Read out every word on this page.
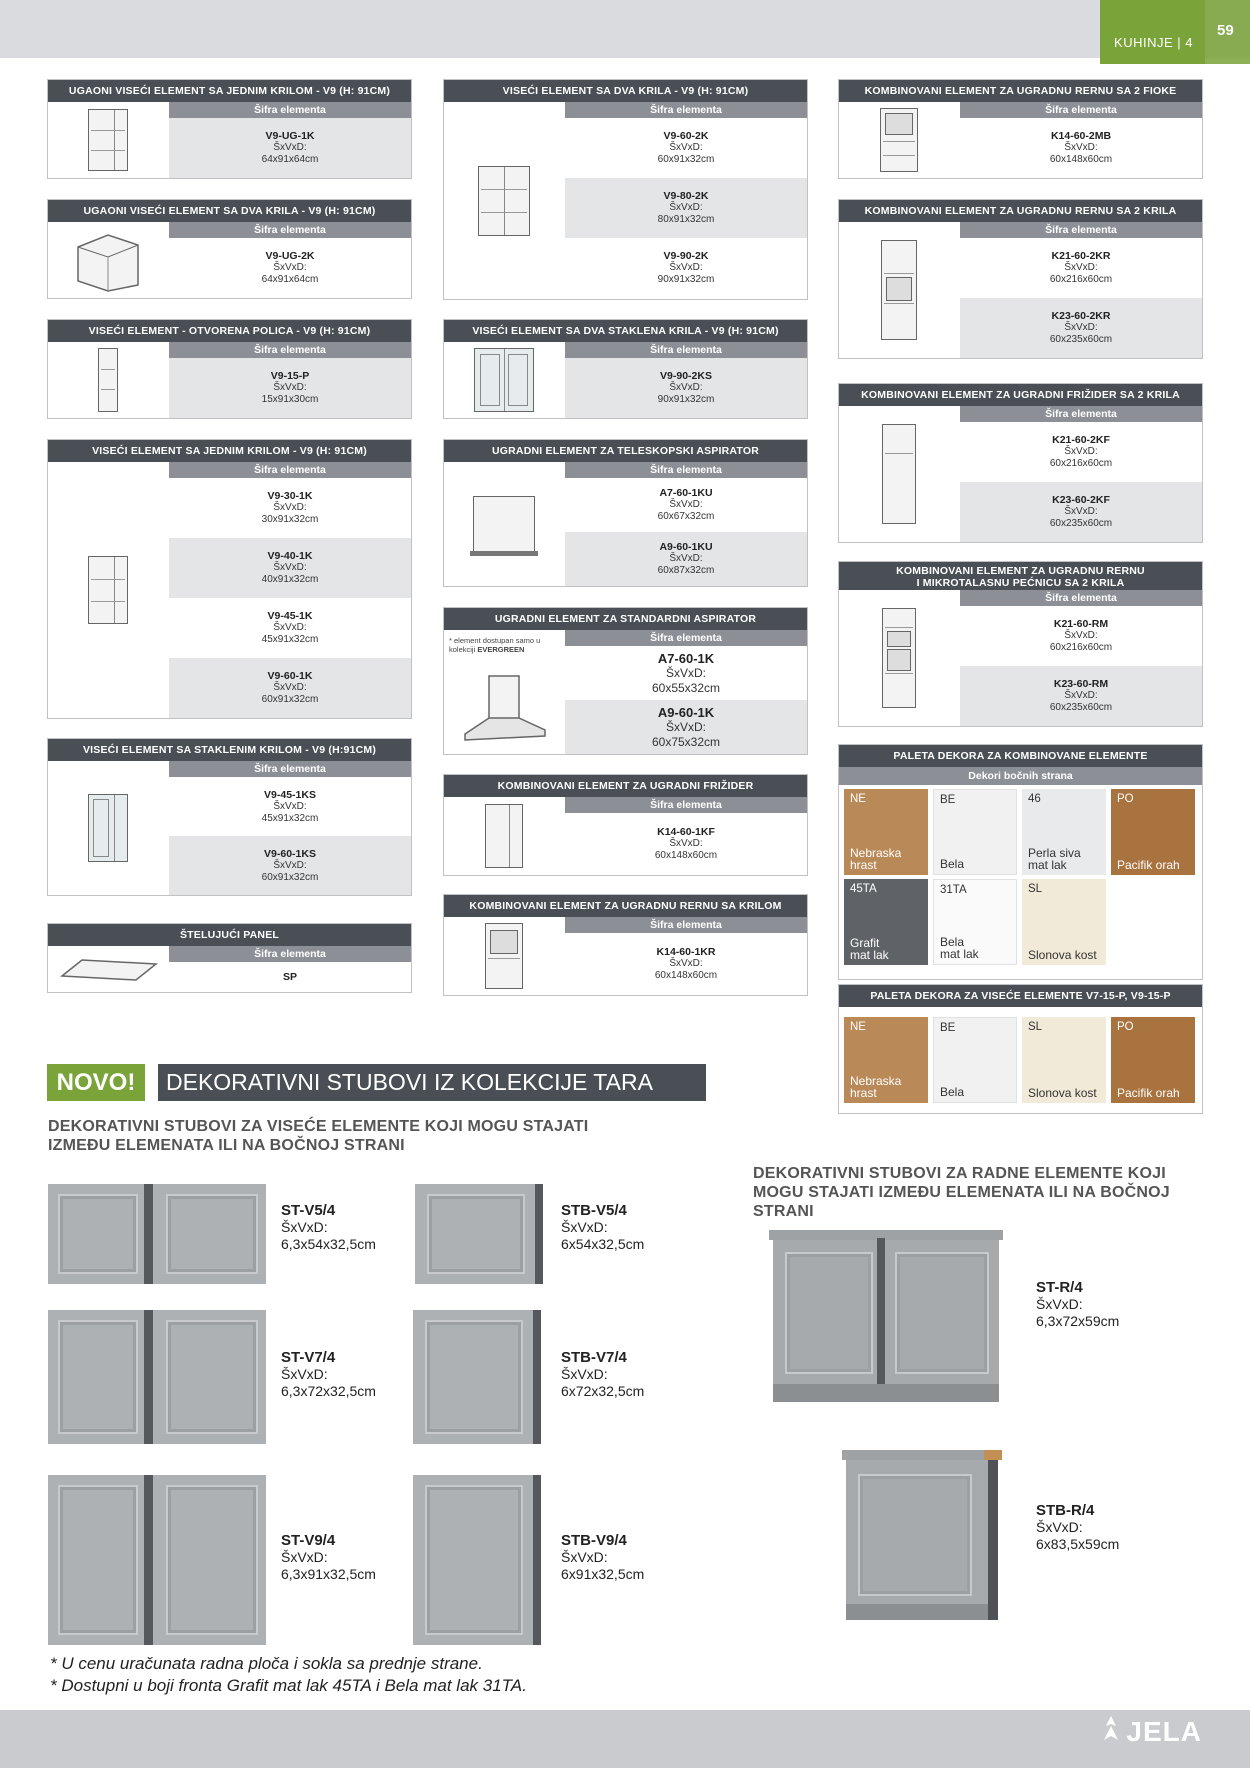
KUHINJE | 4
59
UGAONI VISEĆI ELEMENT SA JEDNIM KRILOM - V9 (H: 91CM)
Šifra elementa
V9-UG-1K
ŠxVxD:
64x91x64cm
UGAONI VISEĆI ELEMENT SA DVA KRILA - V9 (H: 91CM)
Šifra elementa
V9-UG-2K
ŠxVxD:
64x91x64cm
VISEĆI ELEMENT - OTVORENA POLICA - V9 (H: 91CM)
Šifra elementa
V9-15-P
ŠxVxD:
15x91x30cm
VISEĆI ELEMENT SA JEDNIM KRILOM - V9 (H: 91CM)
Šifra elementa
V9-30-1K
ŠxVxD:
30x91x32cm
V9-40-1K
ŠxVxD:
40x91x32cm
V9-45-1K
ŠxVxD:
45x91x32cm
V9-60-1K
ŠxVxD:
60x91x32cm
VISEĆI ELEMENT SA STAKLENIM KRILOM - V9 (H:91CM)
Šifra elementa
V9-45-1KS
ŠxVxD:
45x91x32cm
V9-60-1KS
ŠxVxD:
60x91x32cm
ŠTELUJUĆI PANEL
Šifra elementa
SP
VISEĆI ELEMENT SA DVA KRILA - V9 (H: 91CM)
Šifra elementa
V9-60-2K
ŠxVxD:
60x91x32cm
V9-80-2K
ŠxVxD:
80x91x32cm
V9-90-2K
ŠxVxD:
90x91x32cm
VISEĆI ELEMENT SA DVA STAKLENA KRILA - V9 (H: 91CM)
Šifra elementa
V9-90-2KS
ŠxVxD:
90x91x32cm
UGRADNI ELEMENT ZA TELESKOPSKI ASPIRATOR
Šifra elementa
A7-60-1KU
ŠxVxD:
60x67x32cm
A9-60-1KU
ŠxVxD:
60x87x32cm
UGRADNI ELEMENT ZA STANDARDNI ASPIRATOR
* element dostupan samo u kolekciji EVERGREEN
Šifra elementa
A7-60-1K
ŠxVxD:
60x55x32cm
A9-60-1K
ŠxVxD:
60x75x32cm
KOMBINOVANI ELEMENT ZA UGRADNI FRIŽIDER
Šifra elementa
K14-60-1KF
ŠxVxD:
60x148x60cm
KOMBINOVANI ELEMENT ZA UGRADNU RERNU SA KRILOM
Šifra elementa
K14-60-1KR
ŠxVxD:
60x148x60cm
KOMBINOVANI ELEMENT ZA UGRADNU RERNU SA 2 FIOKE
Šifra elementa
K14-60-2MB
ŠxVxD:
60x148x60cm
KOMBINOVANI ELEMENT ZA UGRADNU RERNU SA 2 KRILA
Šifra elementa
K21-60-2KR
ŠxVxD:
60x216x60cm
K23-60-2KR
ŠxVxD:
60x235x60cm
KOMBINOVANI ELEMENT ZA UGRADNI FRIŽIDER SA 2 KRILA
Šifra elementa
K21-60-2KF
ŠxVxD:
60x216x60cm
K23-60-2KF
ŠxVxD:
60x235x60cm
KOMBINOVANI ELEMENT ZA UGRADNU RERNU
I MIKROTALASNU PEĆNICU SA 2 KRILA
Šifra elementa
K21-60-RM
ŠxVxD:
60x216x60cm
K23-60-RM
ŠxVxD:
60x235x60cm
PALETA DEKORA ZA KOMBINOVANE ELEMENTE
Dekori bočnih strana
NE
Nebraska
hrast
BE
Bela
46
Perla siva
mat lak
PO
Pacifik orah
45TA
Grafit
mat lak
31TA
Bela
mat lak
SL
Slonova kost
PALETA DEKORA ZA VISEĆE ELEMENTE V7-15-P, V9-15-P
NE
Nebraska
hrast
BE
Bela
SL
Slonova kost
PO
Pacifik orah
NOVO!	DEKORATIVNI STUBOVI IZ KOLEKCIJE TARA
DEKORATIVNI STUBOVI ZA VISEĆE ELEMENTE KOJI MOGU STAJATI
IZMEĐU ELEMENATA ILI NA BOČNOJ STRANI
DEKORATIVNI STUBOVI ZA RADNE ELEMENTE KOJI
MOGU STAJATI IZMEĐU ELEMENATA ILI NA BOČNOJ
STRANI
ST-V5/4
ŠxVxD:
6,3x54x32,5cm
STB-V5/4
ŠxVxD:
6x54x32,5cm
ST-V7/4
ŠxVxD:
6,3x72x32,5cm
STB-V7/4
ŠxVxD:
6x72x32,5cm
ST-V9/4
ŠxVxD:
6,3x91x32,5cm
STB-V9/4
ŠxVxD:
6x91x32,5cm
ST-R/4
ŠxVxD:
6,3x72x59cm
STB-R/4
ŠxVxD:
6x83,5x59cm
* U cenu uračunata radna ploča i sokla sa prednje strane.
* Dostupni u boji fronta Grafit mat lak 45TA i Bela mat lak 31TA.
JELA
